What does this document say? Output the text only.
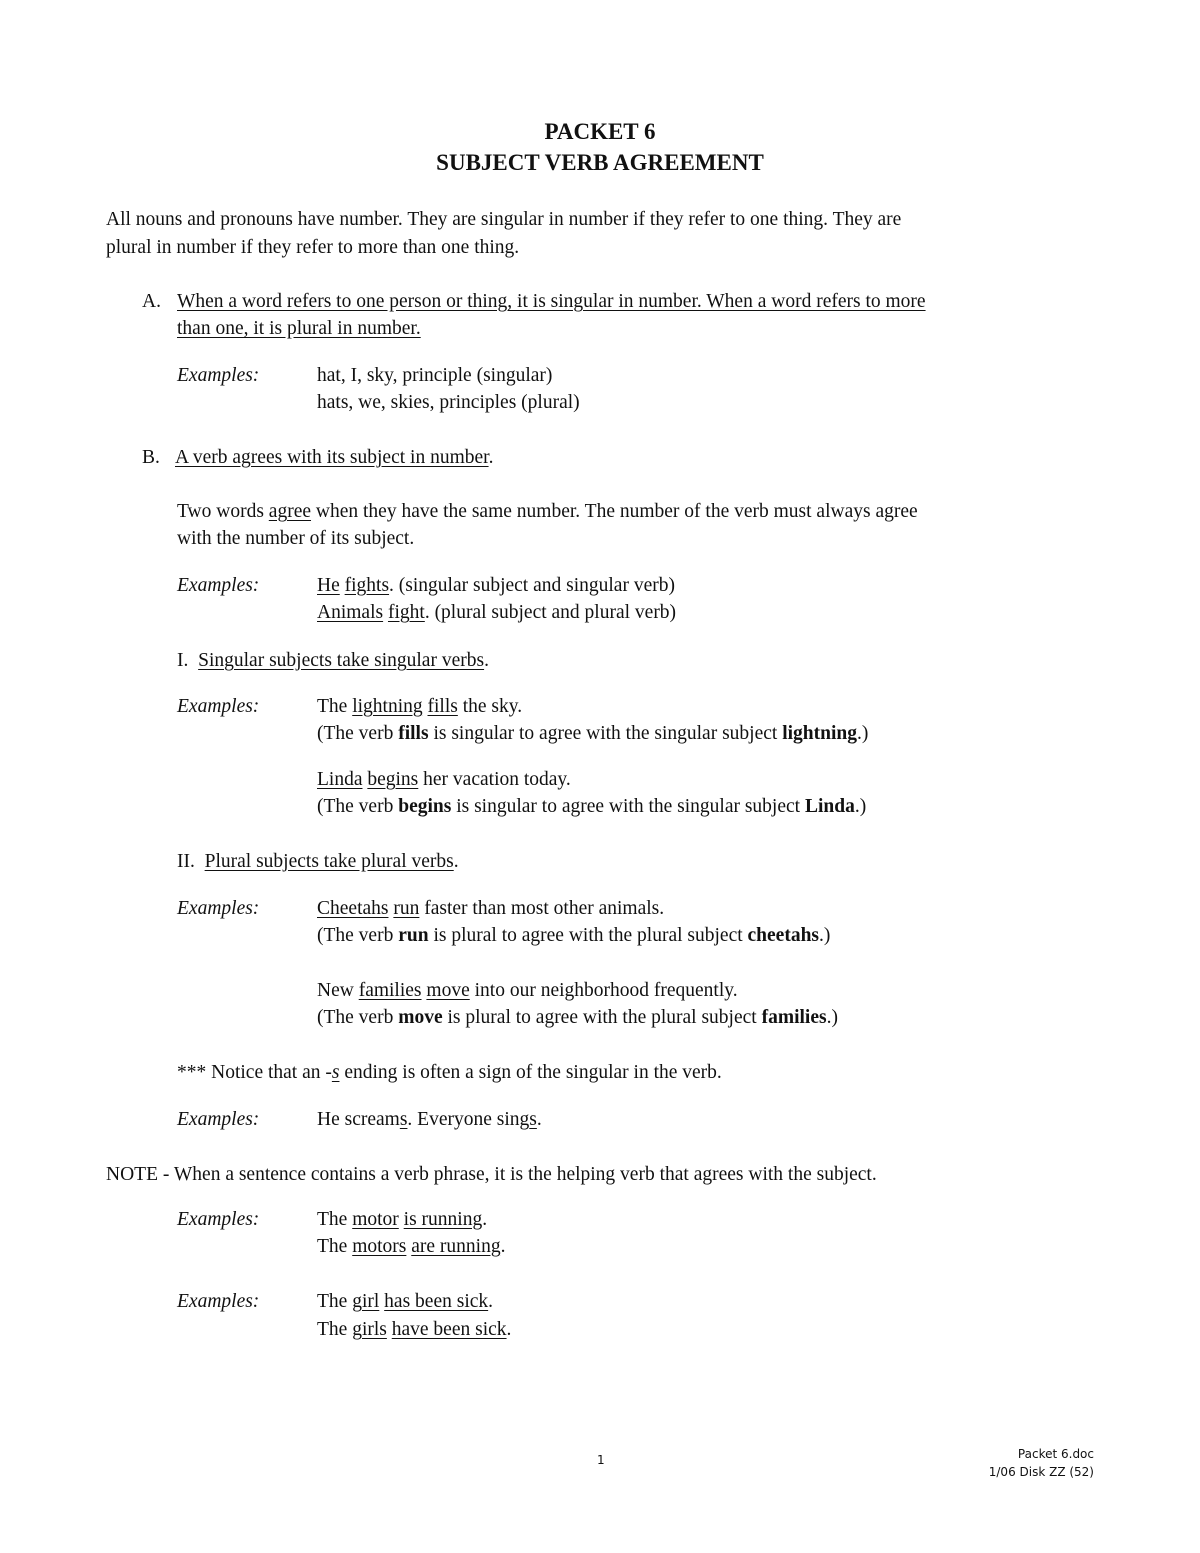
PACKET 6
SUBJECT VERB AGREEMENT
All nouns and pronouns have number. They are singular in number if they refer to one thing. They are
plural in number if they refer to more than one thing.
A. When a word refers to one person or thing, it is singular in number. When a word refers to more
than one, it is plural in number.
Examples:	hat, I, sky, principle (singular)
hats, we, skies, principles (plural)
B. A verb agrees with its subject in number.
Two words agree when they have the same number. The number of the verb must always agree
with the number of its subject.
Examples:	He fights. (singular subject and singular verb)
Animals fight. (plural subject and plural verb)
I. Singular subjects take singular verbs.
Examples:	The lightning fills the sky.
(The verb fills is singular to agree with the singular subject lightning.)
Linda begins her vacation today.
(The verb begins is singular to agree with the singular subject Linda.)
II. Plural subjects take plural verbs.
Examples:	Cheetahs run faster than most other animals.
(The verb run is plural to agree with the plural subject cheetahs.)
New families move into our neighborhood frequently.
(The verb move is plural to agree with the plural subject families.)
*** Notice that an -s ending is often a sign of the singular in the verb.
Examples:	He screams. Everyone sings.
NOTE - When a sentence contains a verb phrase, it is the helping verb that agrees with the subject.
Examples:	The motor is running.
The motors are running.
Examples:	The girl has been sick.
The girls have been sick.
1	Packet 6.doc
1/06 Disk ZZ (52)
